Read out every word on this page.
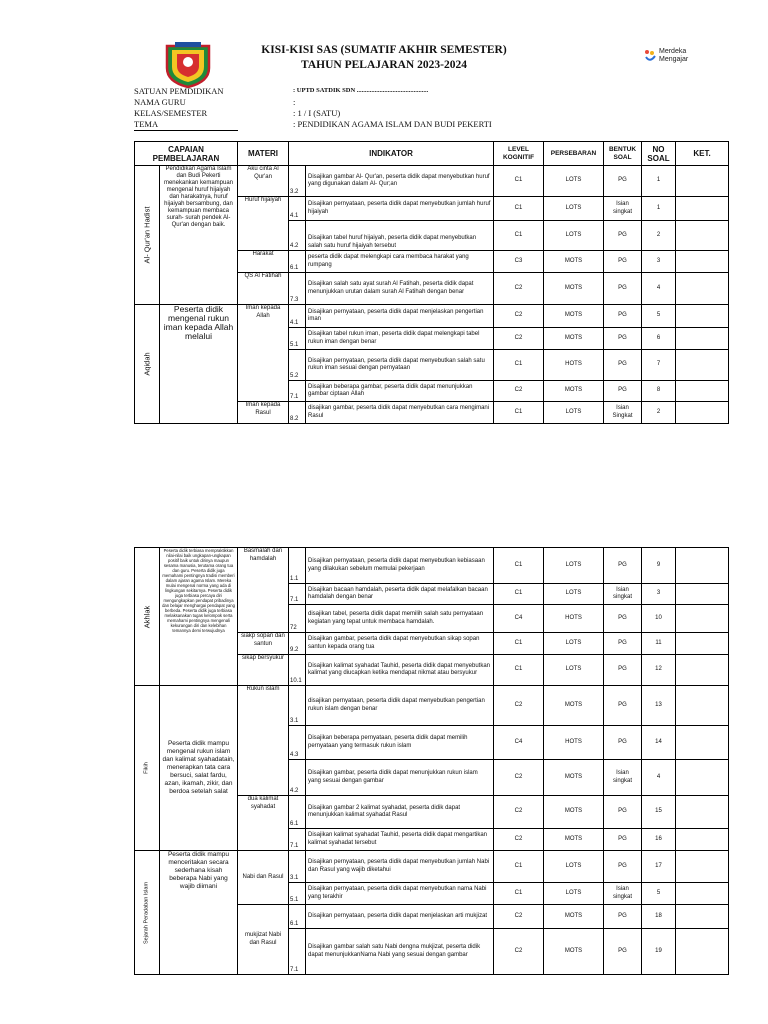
KISI-KISI SAS (SUMATIF AKHIR SEMESTER)
TAHUN PELAJARAN 2023-2024
Merdeka
Mengajar
SATUAN PEMDIDIKAN	: UPTD SATDIK SDN ............................................
NAMA GURU	:
KELAS/SEMESTER	: 1 / I (SATU)
TEMA	: PENDIDIKAN AGAMA ISLAM DAN BUDI PEKERTI
CAPAIAN PEMBELAJARAN		MATERI	INDIKATOR		LEVEL KOGNITIF	PERSEBARAN	BENTUK SOAL	NO SOAL	KET.

Al- Qur'an Hadist	Pendidikan Agama Islam dan Budi Pekerti menekankan kemampuan mengenal huruf hijaiyah dan harakatnya, huruf hijaiyah bersambung, dan kemampuan membaca surah- surah pendek Al-Qur'an dengan baik.	Aku cinta Al Qur'an	3.2	Disajikan gambar Al- Qur'an, peserta didik dapat menyebutkan huruf yang digunakan dalam Al- Qur;an	C1	LOTS	PG	1	
		Huruf hijaiyah	4.1	Disajikan pernyataan, peserta didik dapat menyebutkan jumlah huruf hijaiyah	C1	LOTS	Isian singkat	1	
			4.2	Disajikan tabel huruf hijaiyah, peserta didik dapat menyebutkan salah satu huruf hijaiyah tersebut	C1	LOTS	PG	2	
		Harakat	6.1	peserta didik dapat melengkapi cara membaca harakat yang rumpang	C3	MOTS	PG	3	
		QS Al Fatihah	7.3	Disajikan salah satu ayat surah Al Fatihah, peserta didik dapat menunjukkan urutan dalam surah Al Fatihah dengan benar	C2	MOTS	PG	4	

Aqidah	Peserta didik mengenal rukun iman kepada Allah melalui	Iman kepada Allah	4.1	Disajikan pernyataan, peserta didik dapat menjelaskan pengertian iman	C2	MOTS	PG	5	
			5.1	Disajikan tabel rukun iman, peserta didik dapat melengkapi tabel rukun iman dengan benar	C2	MOTS	PG	6	
			5.2	Disajikan pernyataan, peserta didik dapat menyebutkan salah satu rukun iman sesuai dengan pernyataan	C1	HOTS	PG	7	
			7.1	Disajikan beberapa gambar, peserta didik dapat menunjukkan gambar ciptaan Allah	C2	MOTS	PG	8	
		Iman kepada Rasul	8.2	disajikan gambar, peserta didik dapat menyebutkan cara mengimani Rasul	C1	LOTS	Isian Singkat	2	
Akhlak	Peserta didik terbiasa mempraktikkan nilai-nilai baik ungkapan-ungkapan positif baik untuk dirinya maupun sesama manusia, terutama orang tua dan guru. Peserta didik juga memahami pentingnya tradisi memberi dalam ajaran agama Islam. Mereka mulai mengenal norma yang ada di lingkungan sekitarnya. Peserta didik juga terbiasa percaya diri mengungkapkan pendapat pribadinya dan belajar menghargai pendapat yang berbeda. Peserta didik juga terbiasa melaksanakan tugas kelompok serta memahami pentingnya mengenali kekurangan diri dan kelebihan temannya demi terwujudnya	Basmalah dan hamdalah	1.1	Disajikan pernyataan, peserta didik dapat menyebutkan kebiasaan yang dilakukan sebelum memulai pekerjaan	C1	LOTS	PG	9	
			7.1	Disajikan bacaan hamdalah, peserta didik dapat melafalkan bacaan hamdalah dengan benar	C1	LOTS	Isian singkat	3	
			72	disajikan tabel, peserta didik dapat memilih salah satu pernyataan kegiatan yang tepat untuk membaca hamdalah.	C4	HOTS	PG	10	
		siakp sopan dan santun	9.2	Disajikan gambar, peserta didik dapat menyebutkan sikap sopan santun kepada orang tua	C1	LOTS	PG	11	
		sikap bersyukur	10.1	Disajikan kalimat syahadat Tauhid, peserta didik dapat menyebutkan kalimat yang diucapkan ketika mendapat nikmat atau bersyukur	C1	LOTS	PG	12	

Fikih	Peserta didik mampu mengenal rukun islam dan kalimat syahadatain, menerapkan tata cara bersuci, salat fardu, azan, ikamah, zikir, dan berdoa setelah salat	Rukun islam	3.1	disajikan pernyataan, peserta didik dapat menyebutkan pengertian rukun islam dengan benar	C2	MOTS	PG	13	
			4.3	Disajikan beberapa pernyataan, peserta didik dapat memilih pernyataan yang termasuk rukun islam	C4	HOTS	PG	14	
			4.2	Disajikan gambar, peserta didik dapat menunjukkan rukun islam yang sesuai dengan gambar	C2	MOTS	Isian singkat	4	
		dua kalimat syahadat	6.1	Disajikan gambar 2 kalimat syahadat, peserta didik dapat menunjukkan kalimat syahadat Rasul	C2	MOTS	PG	15	
			7.1	Disajikan kalimat syahadat Tauhid, peserta didik dapat mengartikan kalimat syahadat tersebut	C2	MOTS	PG	16	

Sejarah Peradaban Islam	Peserta didik mampu menceritakan secara sederhana kisah beberapa Nabi yang wajib diimani	Nabi dan Rasul	3.1	Disajikan pernyataan, peserta didik dapat menyebutkan jumlah Nabi dan Rasul yang wajib diketahui	C1	LOTS	PG	17	
			5.1	Disajikan pernyataan, peserta didik dapat menyebutkan nama Nabi yang terakhir	C1	LOTS	Isian singkat	5	
		mukjizat Nabi dan Rasul	6.1	Disajikan pernyataan, peserta didik dapat menjelaskan arti mukjizat	C2	MOTS	PG	18	
			7.1	Disajikan gambar salah satu Nabi dengna mukjizat, peserta didik dapat menunjukkanNama Nabi yang sesuai dengan gambar	C2	MOTS	PG	19	
